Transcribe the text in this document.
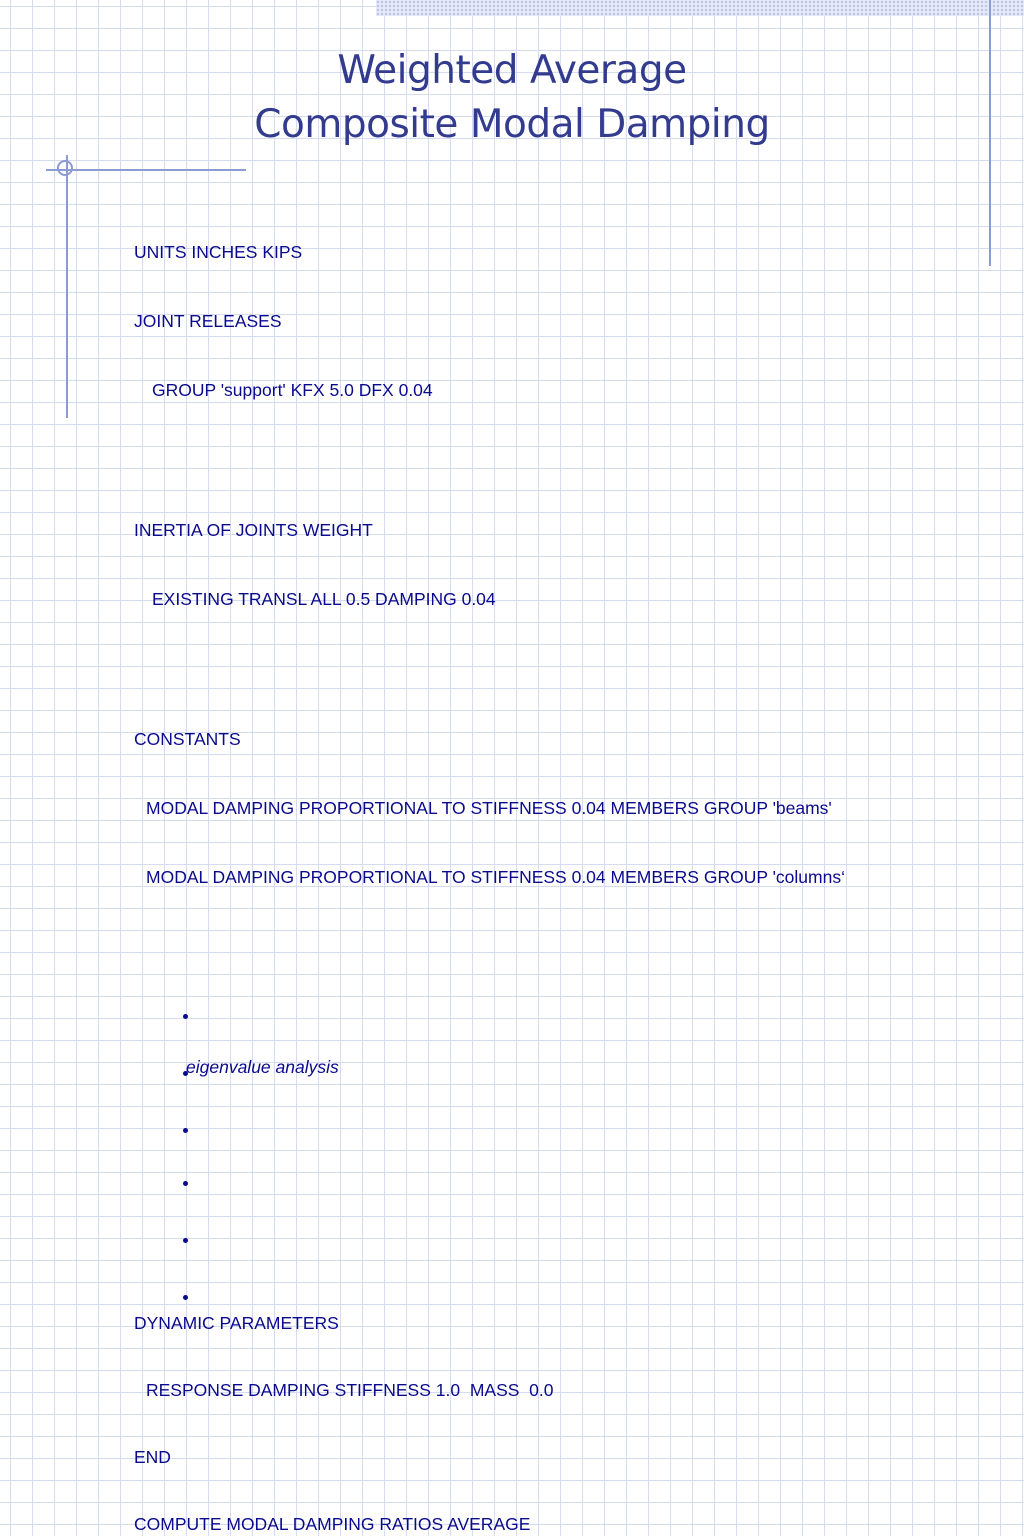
Weighted Average
Composite Modal Damping

UNITS INCHES KIPS

JOINT RELEASES

GROUP 'support' KFX 5.0 DFX 0.04

INERTIA OF JOINTS WEIGHT

EXISTING TRANSL ALL 0.5 DAMPING 0.04

CONSTANTS

MODAL DAMPING PROPORTIONAL TO STIFFNESS 0.04 MEMBERS GROUP 'beams'

MODAL DAMPING PROPORTIONAL TO STIFFNESS 0.04 MEMBERS GROUP 'columns‘

eigenvalue analysis

DYNAMIC PARAMETERS

RESPONSE DAMPING STIFFNESS 1.0  MASS  0.0

END

COMPUTE MODAL DAMPING RATIOS AVERAGE
